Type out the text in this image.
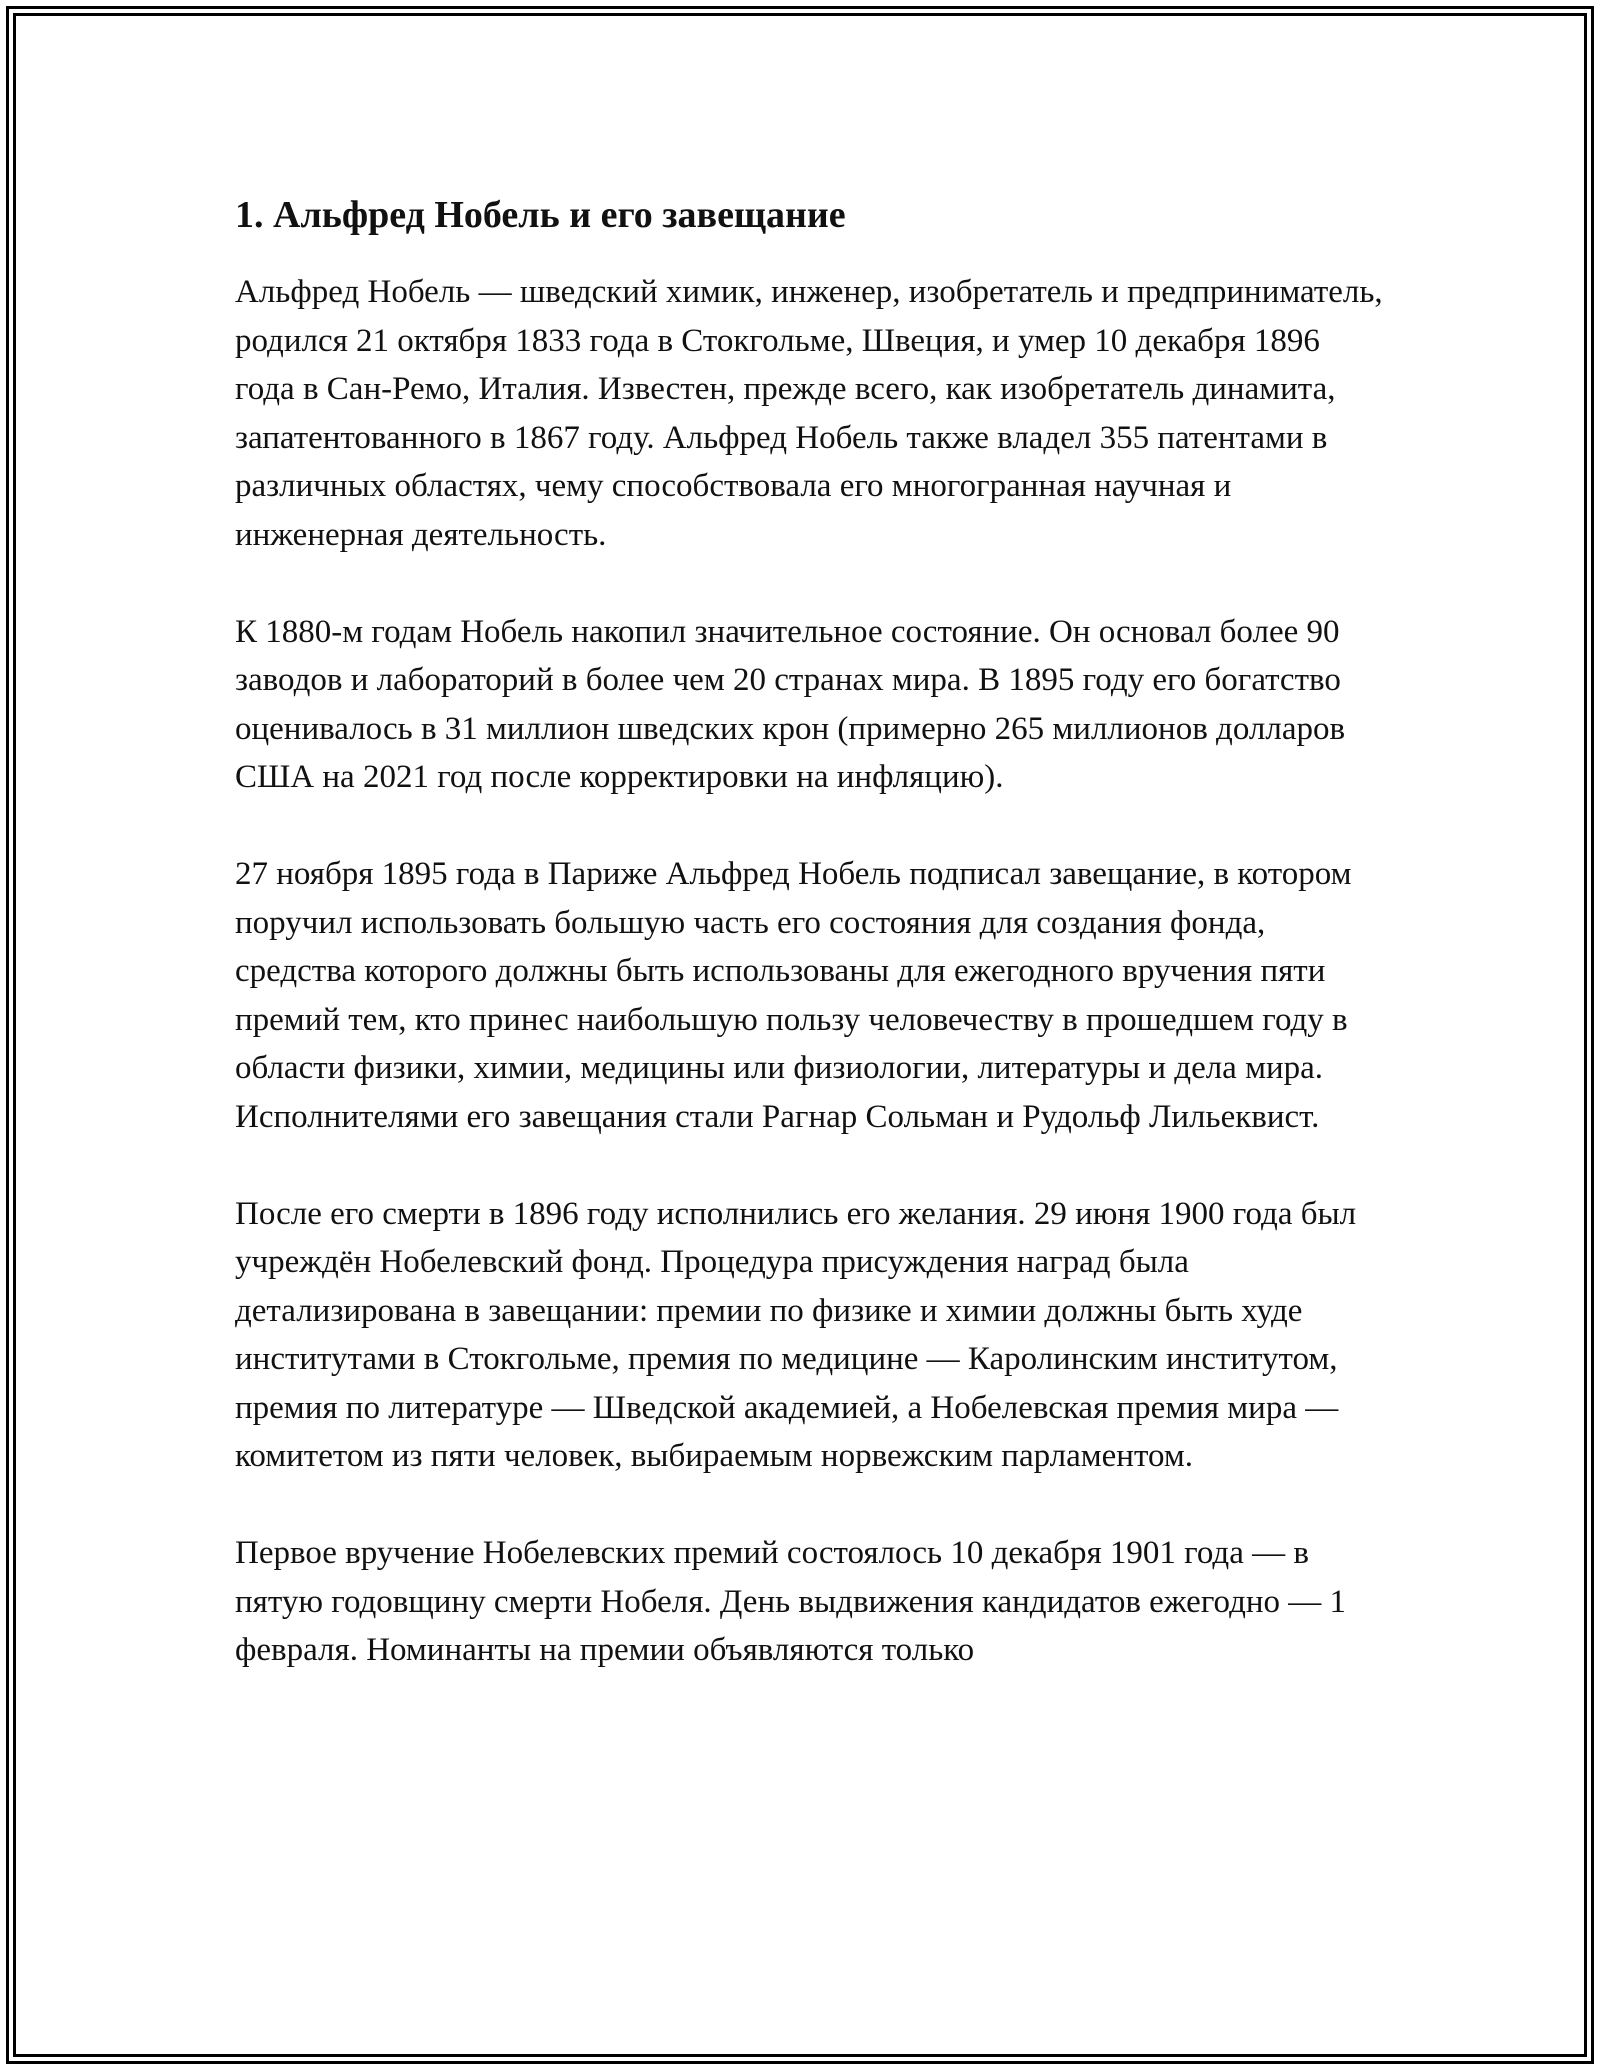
1. Альфред Нобель и его завещание

Альфред Нобель — шведский химик, инженер, изобретатель и предприниматель, родился 21 октября 1833 года в Стокгольме, Швеция, и умер 10 декабря 1896 года в Сан-Ремо, Италия. Известен, прежде всего, как изобретатель динамита, запатентованного в 1867 году. Альфред Нобель также владел 355 патентами в различных областях, чему способствовала его многогранная научная и инженерная деятельность.

К 1880-м годам Нобель накопил значительное состояние. Он основал более 90 заводов и лабораторий в более чем 20 странах мира. В 1895 году его богатство оценивалось в 31 миллион шведских крон (примерно 265 миллионов долларов США на 2021 год после корректировки на инфляцию).

27 ноября 1895 года в Париже Альфред Нобель подписал завещание, в котором поручил использовать большую часть его состояния для создания фонда, средства которого должны быть использованы для ежегодного вручения пяти премий тем, кто принес наибольшую пользу человечеству в прошедшем году в области физики, химии, медицины или физиологии, литературы и дела мира. Исполнителями его завещания стали Рагнар Сольман и Рудольф Лильеквист.

После его смерти в 1896 году исполнились его желания. 29 июня 1900 года был учреждён Нобелевский фонд. Процедура присуждения наград была детализирована в завещании: премии по физике и химии должны быть худе институтами в Стокгольме, премия по медицине — Каролинским институтом, премия по литературе — Шведской академией, а Нобелевская премия мира — комитетом из пяти человек, выбираемым норвежским парламентом.

Первое вручение Нобелевских премий состоялось 10 декабря 1901 года — в пятую годовщину смерти Нобеля. День выдвижения кандидатов ежегодно — 1 февраля. Номинанты на премии объявляются только
